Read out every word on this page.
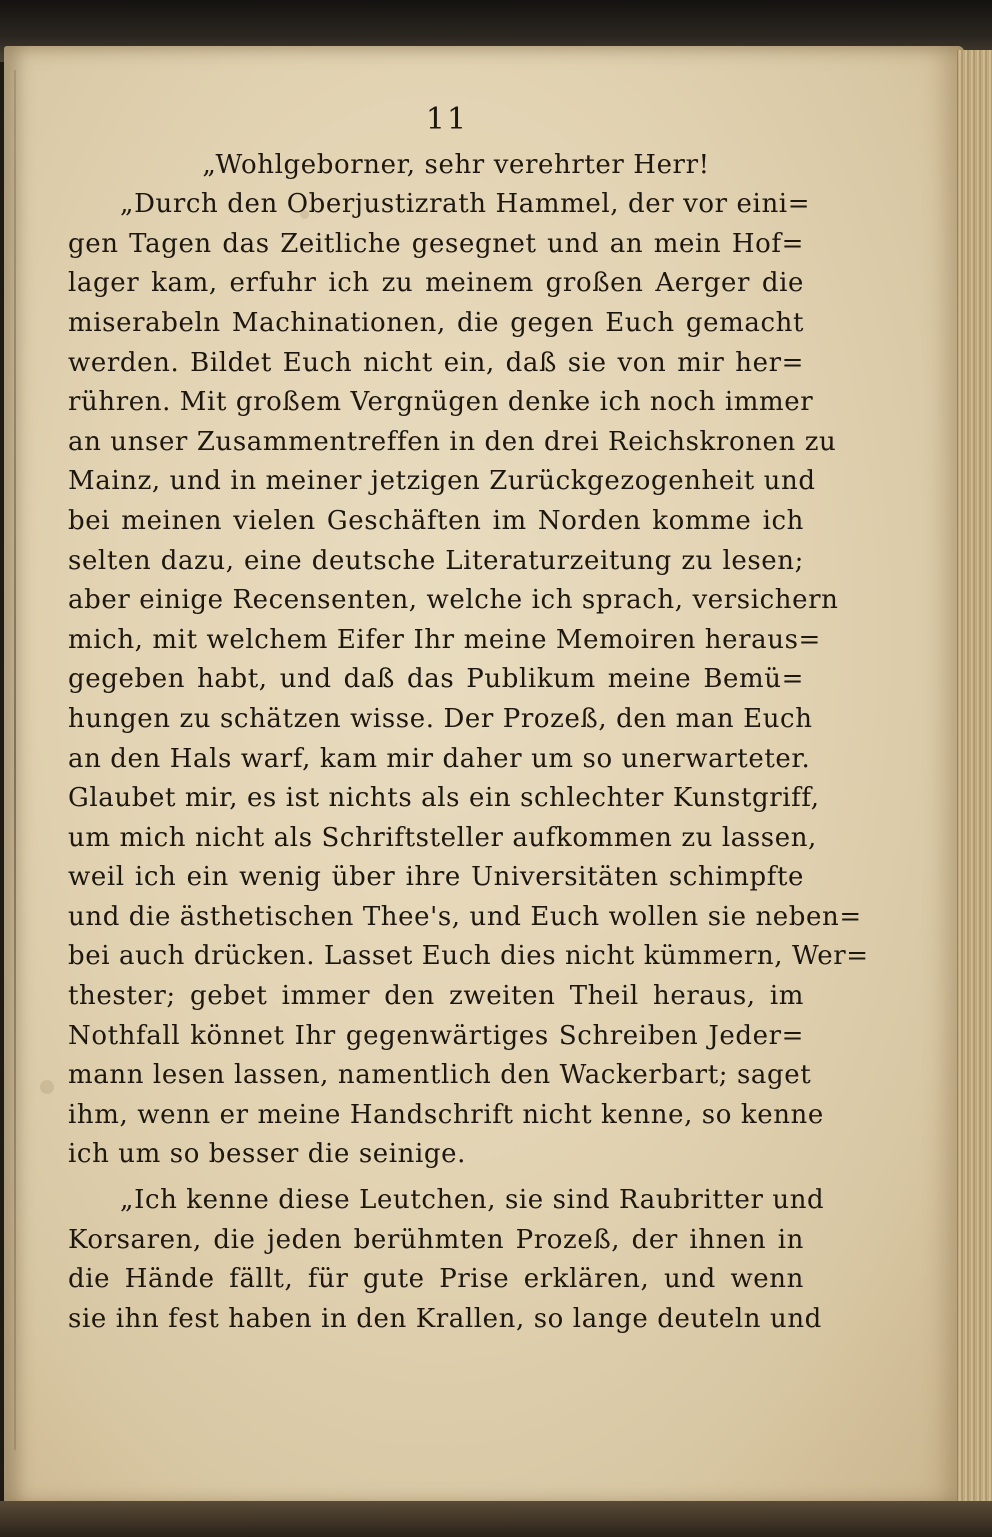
11
„Wohlgeborner, sehr verehrter Herr!
„Durch den Oberjustizrath Hammel, der vor eini=
gen Tagen das Zeitliche gesegnet und an mein Hof=
lager kam, erfuhr ich zu meinem großen Aerger die
miserabeln Machinationen, die gegen Euch gemacht
werden. Bildet Euch nicht ein, daß sie von mir her=
rühren. Mit großem Vergnügen denke ich noch immer
an unser Zusammentreffen in den drei Reichskronen zu
Mainz, und in meiner jetzigen Zurückgezogenheit und
bei meinen vielen Geschäften im Norden komme ich
selten dazu, eine deutsche Literaturzeitung zu lesen;
aber einige Recensenten, welche ich sprach, versichern
mich, mit welchem Eifer Ihr meine Memoiren heraus=
gegeben habt, und daß das Publikum meine Bemü=
hungen zu schätzen wisse. Der Prozeß, den man Euch
an den Hals warf, kam mir daher um so unerwarteter.
Glaubet mir, es ist nichts als ein schlechter Kunstgriff,
um mich nicht als Schriftsteller aufkommen zu lassen,
weil ich ein wenig über ihre Universitäten schimpfte
und die ästhetischen Thee's, und Euch wollen sie neben=
bei auch drücken. Lasset Euch dies nicht kümmern, Wer=
thester; gebet immer den zweiten Theil heraus, im
Nothfall könnet Ihr gegenwärtiges Schreiben Jeder=
mann lesen lassen, namentlich den Wackerbart; saget
ihm, wenn er meine Handschrift nicht kenne, so kenne
ich um so besser die seinige.
„Ich kenne diese Leutchen, sie sind Raubritter und
Korsaren, die jeden berühmten Prozeß, der ihnen in
die Hände fällt, für gute Prise erklären, und wenn
sie ihn fest haben in den Krallen, so lange deuteln und
